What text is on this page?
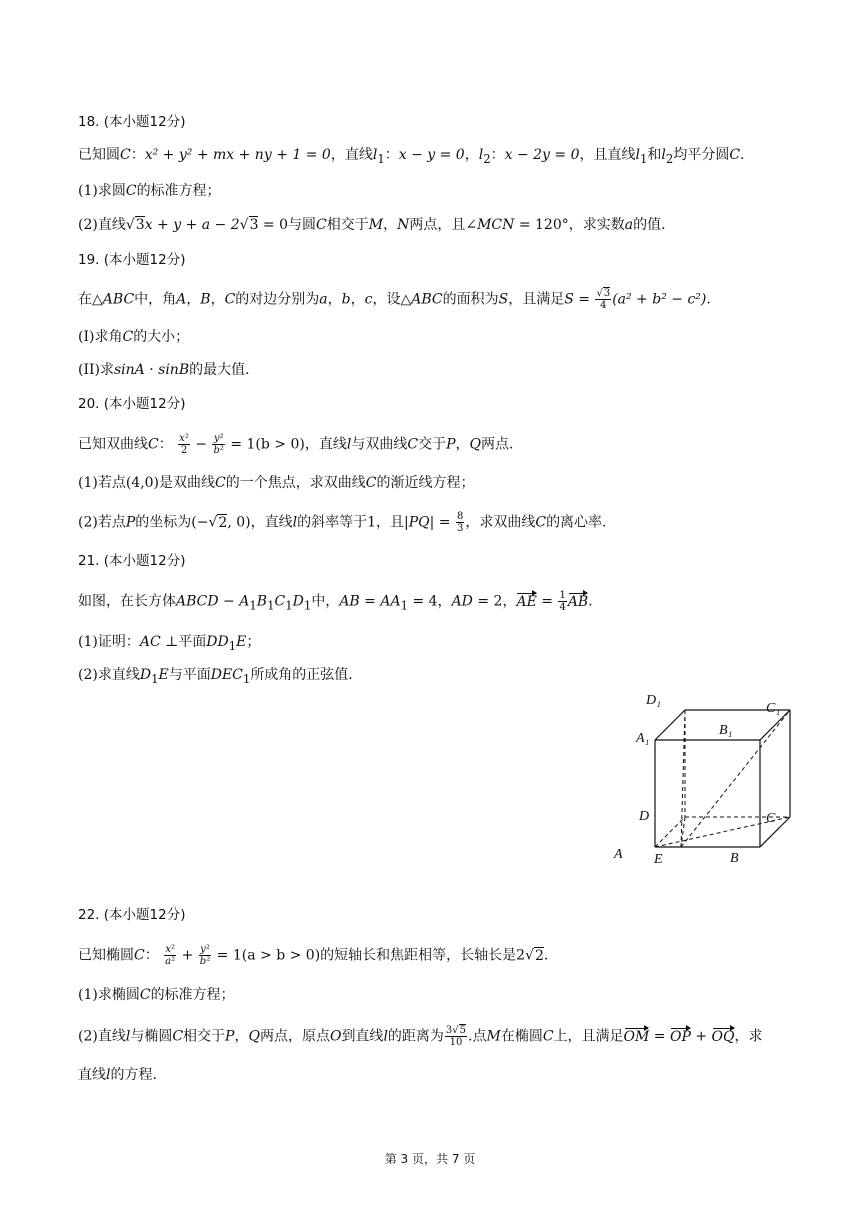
18. (本小题12分)
已知圆C：x² + y² + mx + ny + 1 = 0，直线$l_1$：x − y = 0，$l_2$：x − 2y = 0，且直线$l_1$和$l_2$均平分圆C.
(1)求圆C的标准方程；
(2)直线√3x + y + a − 2√3 = 0与圆C相交于M，N两点，且∠MCN = 120°，求实数a的值.
19. (本小题12分)
在△ABC中，角A，B，C的对边分别为a，b，c，设△ABC的面积为S，且满足$S = \frac{√3}{4} (a^2 + b^2 - c^2)$.
(I)求角C的大小；
(II)求sinA · sinB的最大值.
20. (本小题12分)
已知双曲线C： $\frac{\text{x²}}{2} - \frac{\text{y²}}{\text{b²}} = 1(b > 0)$，直线l与双曲线C交于P，Q两点.
(1)若点(4,0)是双曲线C的一个焦点，求双曲线C的渐近线方程；
(2)若点P的坐标为(−√2, 0)，直线l的斜率等于1，且$|PQ| = \frac{8}{3}$ ，求双曲线C的离心率.
21. (本小题12分)
如图，在长方体ABCD − $A_1B_1C_1D_1$中，AB = $AA_1 = 4$，AD = 2，AE = $\frac{1}{4}$ AB.
(1)证明：AC ⊥平面$DD_1E$；
(2)求直线$D_1E$与平面$DEC_1$所成角的正弦值.
D₁
C₁
A₁
B₁
D	C
A E	B
22. (本小题12分)
已知椭圆C： $\frac{\text{x²}}{\text{a²}} + \frac{\text{y²}}{\text{b²}} = 1(a > b > 0)$的短轴长和焦距相等，长轴长是2√2.
(1)求椭圆C的标准方程；
(2)直线l与椭圆C相交于P，Q两点，原点O到直线l的距离为 $\frac{3√5}{10}$ .点M在椭圆C上，且满足OM = OP + OQ，求
直线l的方程.
第 3 页，共 7 页
